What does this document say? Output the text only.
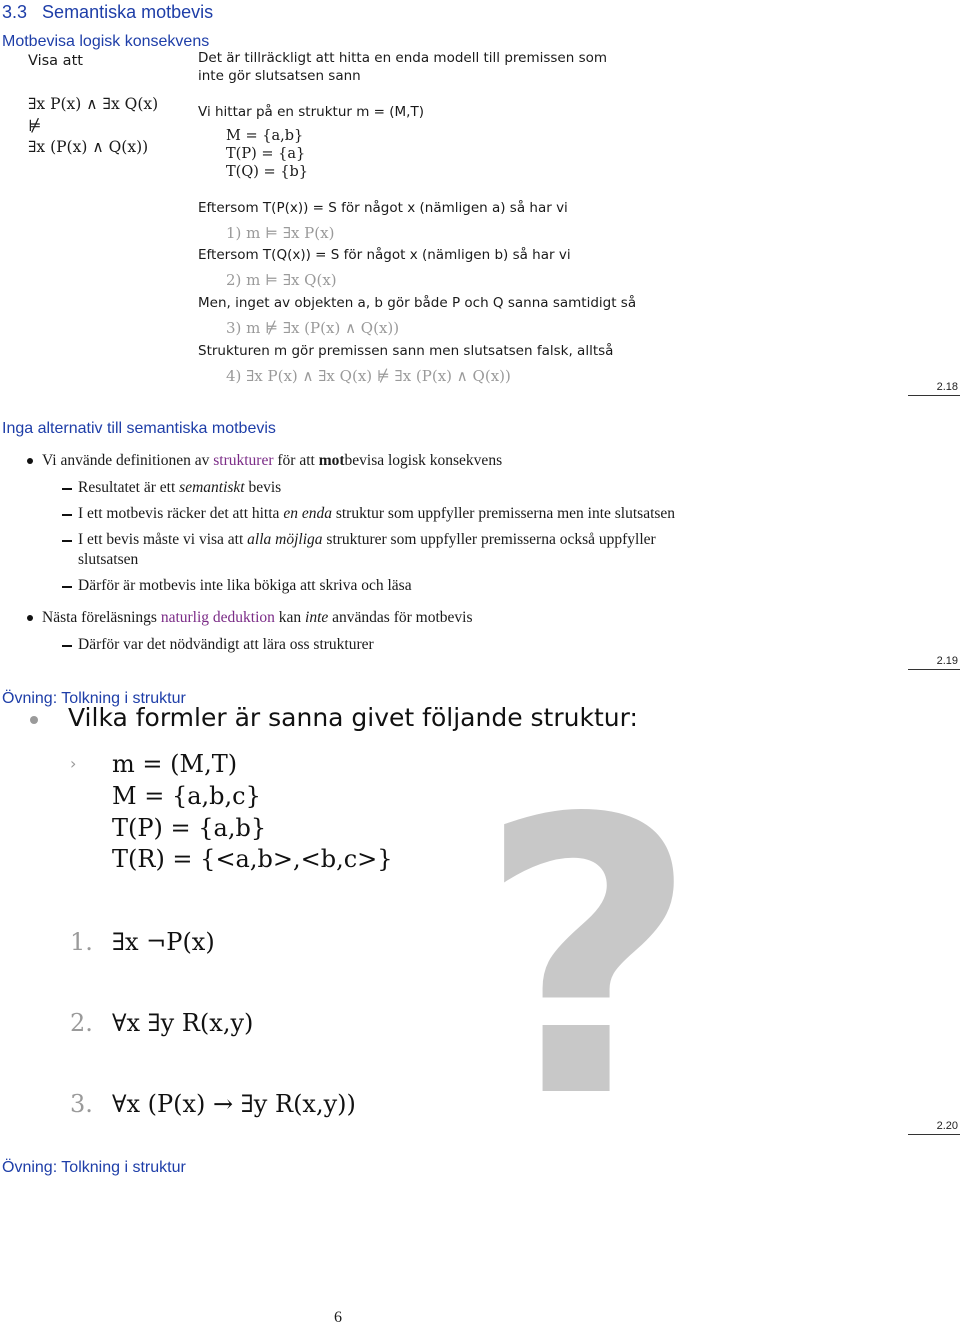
3.3 Semantiska motbevis
Motbevisa logisk konsekvens
Visa att
∃x P(x) ∧ ∃x Q(x)
⊭
∃x (P(x) ∧ Q(x))
Det är tillräckligt att hitta en enda modell till premissen som
inte gör slutsatsen sann
Vi hittar på en struktur m = (M,T)
M = {a,b}
T(P) = {a}
T(Q) = {b}
Eftersom T(P(x)) = S för något x (nämligen a) så har vi
1) m ⊨ ∃x P(x)
Eftersom T(Q(x)) = S för något x (nämligen b) så har vi
2) m ⊨ ∃x Q(x)
Men, inget av objekten a, b gör både P och Q sanna samtidigt så
3) m ⊭ ∃x (P(x) ∧ Q(x))
Strukturen m gör premissen sann men slutsatsen falsk, alltså
4) ∃x P(x) ∧ ∃x Q(x) ⊭ ∃x (P(x) ∧ Q(x))
2.18
Inga alternativ till semantiska motbevis
Vi använde definitionen av strukturer för att motbevisa logisk konsekvens
Resultatet är ett semantiskt bevis
I ett motbevis räcker det att hitta en enda struktur som uppfyller premisserna men inte slutsatsen
I ett bevis måste vi visa att alla möjliga strukturer som uppfyller premisserna också uppfyller
slutsatsen
Därför är motbevis inte lika bökiga att skriva och läsa
Nästa föreläsnings naturlig deduktion kan inte användas för motbevis
Därför var det nödvändigt att lära oss strukturer
2.19
Övning: Tolkning i struktur
?
Vilka formler är sanna givet följande struktur:
› m = (M,T)
M = {a,b,c}
T(P) = {a,b}
T(R) = {<a,b>,<b,c>}
1. ∃x ¬P(x)
2. ∀x ∃y R(x,y)
3. ∀x (P(x) → ∃y R(x,y))
2.20
Övning: Tolkning i struktur
6
